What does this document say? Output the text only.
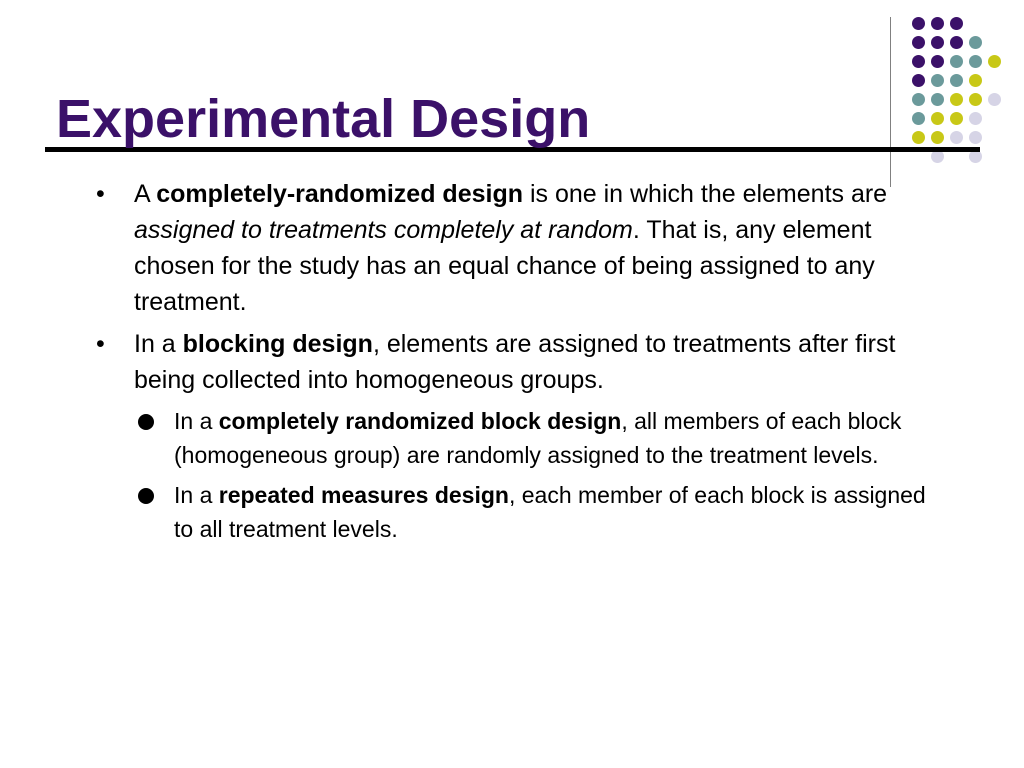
Experimental Design
•	A completely-randomized design is one in which the elements are assigned to treatments completely at random. That is, any element chosen for the study has an equal chance of being assigned to any treatment.
•	In a blocking design, elements are assigned to treatments after first being collected into homogeneous groups.
In a completely randomized block design, all members of each block (homogeneous group) are randomly assigned to the treatment levels.
In a repeated measures design, each member of each block is assigned to all treatment levels.
